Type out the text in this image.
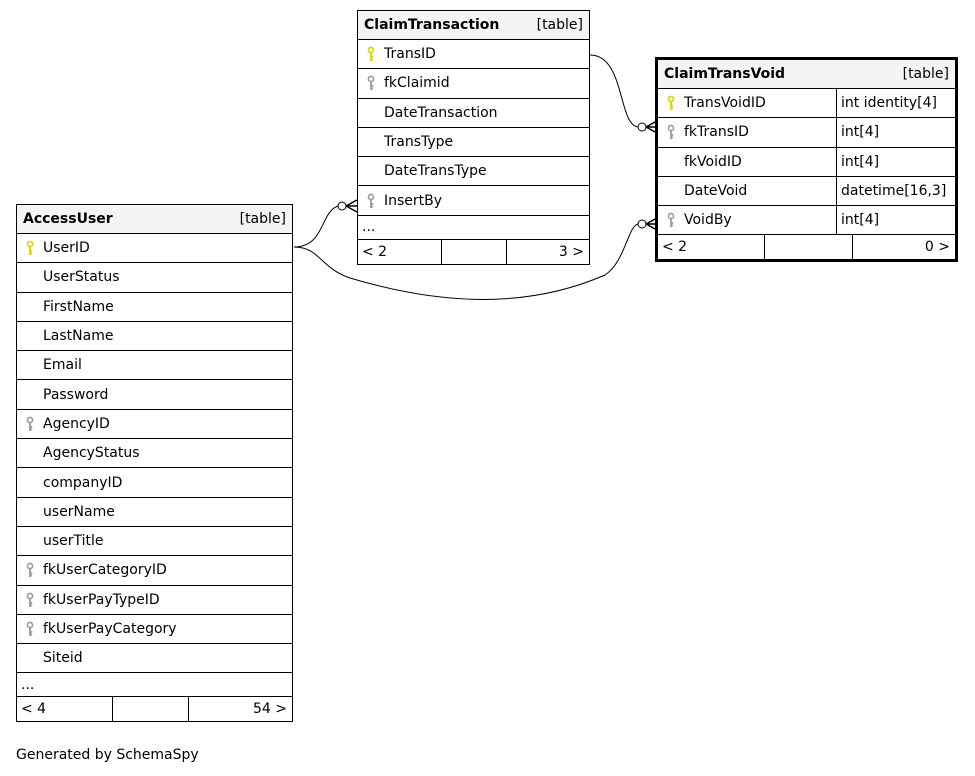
AccessUser	[table]
UserID
UserStatus
FirstName
LastName
Email
Password
AgencyID
AgencyStatus
companyID
userName
userTitle
fkUserCategoryID
fkUserPayTypeID
fkUserPayCategory
Siteid
...
< 4	54 >
ClaimTransaction	[table]
TransID
fkClaimid
DateTransaction
TransType
DateTransType
InsertBy
...
< 2	3 >
ClaimTransVoid	[table]
TransVoidID	int identity[4]
fkTransID	int[4]
fkVoidID	int[4]
DateVoid	datetime[16,3]
VoidBy	int[4]
< 2	0 >
Generated by SchemaSpy
